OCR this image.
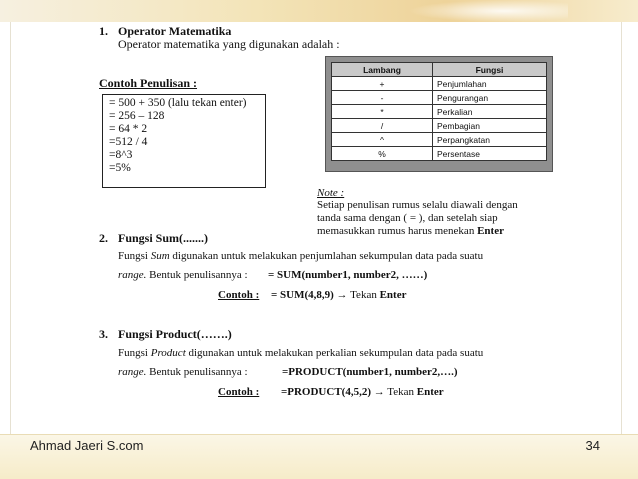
1. Operator Matematika
Operator matematika yang digunakan adalah :
Contoh Penulisan :
= 500 + 350 (lalu tekan enter)
= 256 – 128
= 64 * 2
=512 / 4
=8^3
=5%
Lambang	Fungsi
+	Penjumlahan
-	Pengurangan
*	Perkalian
/	Pembagian
^	Perpangkatan
%	Persentase
Note :
Setiap penulisan rumus selalu diawali dengan
tanda sama dengan ( = ), dan setelah siap
memasukkan rumus harus menekan Enter
2. Fungsi Sum(.......)
Fungsi Sum digunakan untuk melakukan penjumlahan sekumpulan data pada suatu
range. Bentuk penulisannya : = SUM(number1, number2, ……)
Contoh : = SUM(4,8,9) → Tekan Enter
3. Fungsi Product(…….)
Fungsi Product digunakan untuk melakukan perkalian sekumpulan data pada suatu
range. Bentuk penulisannya :	=PRODUCT(number1, number2,….)
Contoh : =PRODUCT(4,5,2) → Tekan Enter
Ahmad Jaeri S.com	34
